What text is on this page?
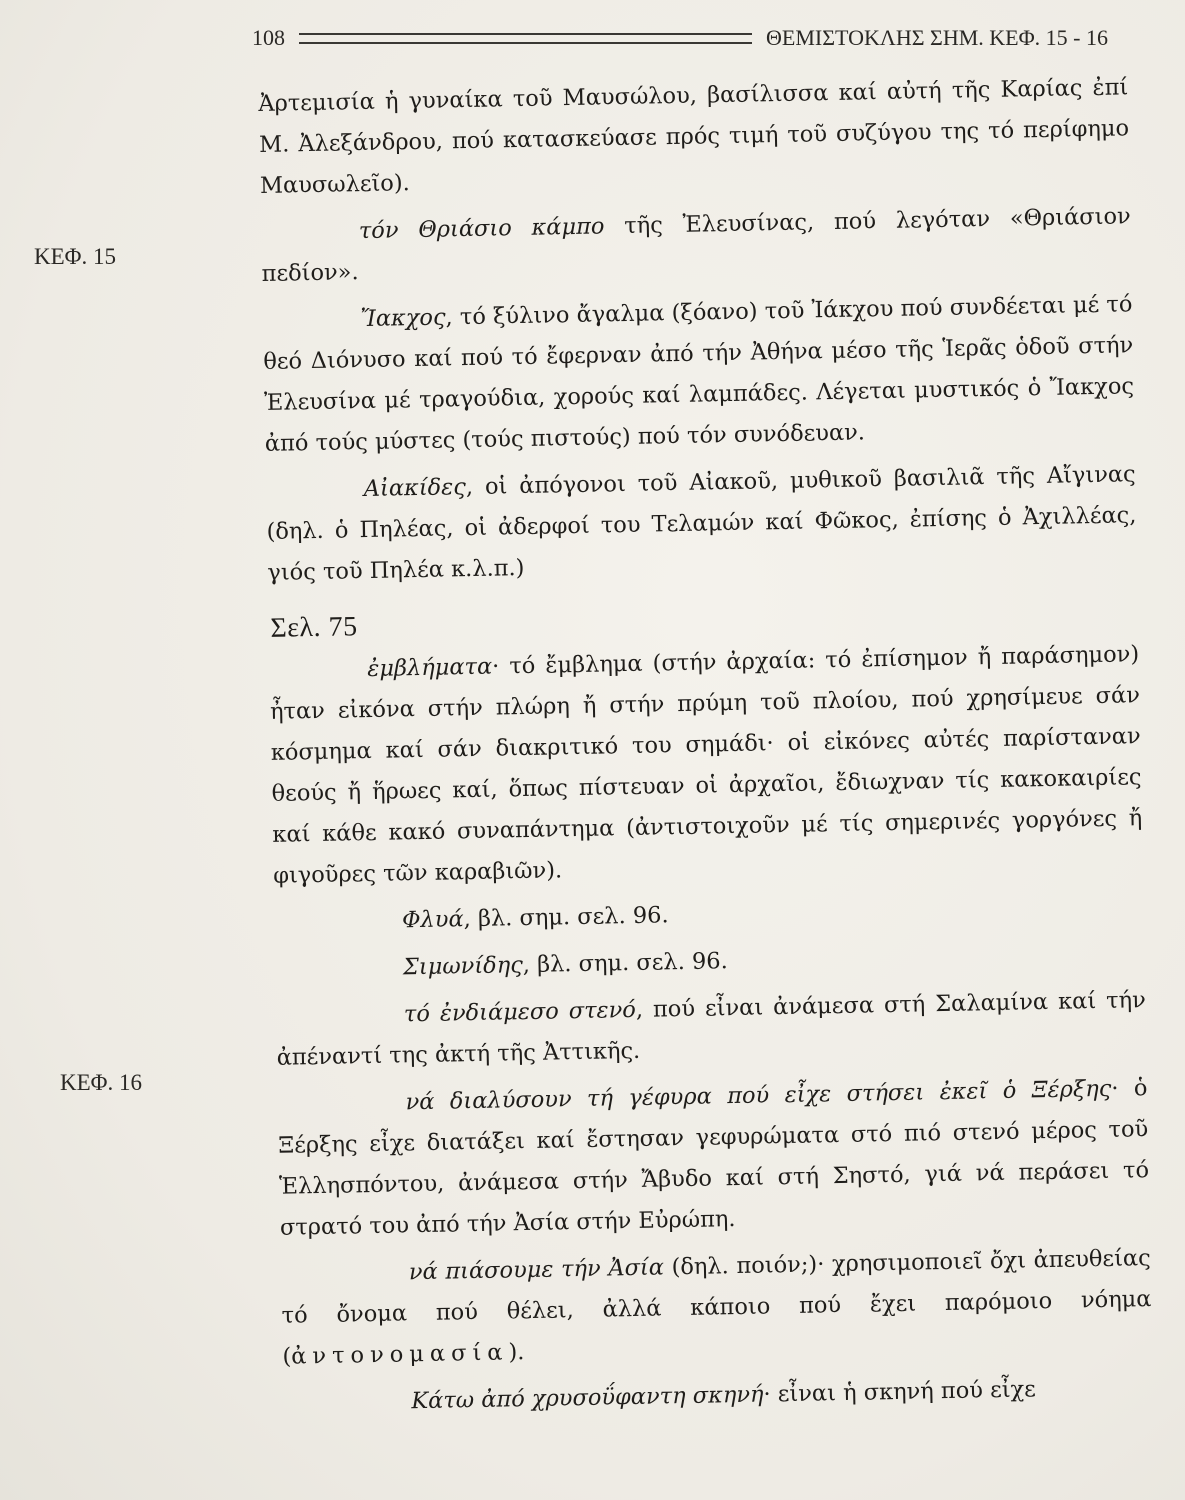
108	ΘΕΜΙΣΤΟΚΛΗΣ ΣΗΜ. ΚΕΦ. 15 - 16
ΚΕΦ. 15
ΚΕΦ. 16

Ἀρτεμισία ἡ γυναίκα τοῦ Μαυσώλου, βασίλισσα καί αὐτή τῆς Καρίας ἐπί Μ. Ἀλεξάνδρου, πού κατασκεύασε πρός τιμή τοῦ συζύγου της τό περίφημο Μαυσωλεῖο).

τόν Θριάσιο κάμπο τῆς Ἐλευσίνας, πού λεγόταν «Θριάσιον πεδίον».

Ἴακχος, τό ξύλινο ἄγαλμα (ξόανο) τοῦ Ἰάκχου πού συνδέεται μέ τό θεό Διόνυσο καί πού τό ἔφερναν ἀπό τήν Ἀθήνα μέσο τῆς Ἱερᾶς ὁδοῦ στήν Ἐλευσίνα μέ τραγούδια, χορούς καί λαμπάδες. Λέγεται μυστικός ὁ Ἴακχος ἀπό τούς μύστες (τούς πιστούς) πού τόν συνόδευαν.

Αἰακίδες, οἱ ἀπόγονοι τοῦ Αἰακοῦ, μυθικοῦ βασιλιᾶ τῆς Αἴγινας (δηλ. ὁ Πηλέας, οἱ ἀδερφοί του Τελαμών καί Φῶκος, ἐπίσης ὁ Ἀχιλλέας, γιός τοῦ Πηλέα κ.λ.π.)

Σελ. 75

ἐμβλήματα· τό ἔμβλημα (στήν ἀρχαία: τό ἐπίσημον ἤ παράσημον) ἦταν εἰκόνα στήν πλώρη ἤ στήν πρύμη τοῦ πλοίου, πού χρησίμευε σάν κόσμημα καί σάν διακριτικό του σημάδι· οἱ εἰκόνες αὐτές παρίσταναν θεούς ἤ ἥρωες καί, ὅπως πίστευαν οἱ ἀρχαῖοι, ἔδιωχναν τίς κακοκαιρίες καί κάθε κακό συναπάντημα (ἀντιστοιχοῦν μέ τίς σημερινές γοργόνες ἤ φιγοῦρες τῶν καραβιῶν).

Φλυά, βλ. σημ. σελ. 96.

Σιμωνίδης, βλ. σημ. σελ. 96.

τό ἐνδιάμεσο στενό, πού εἶναι ἀνάμεσα στή Σαλαμίνα καί τήν ἀπέναντί της ἀκτή τῆς Ἀττικῆς.

νά διαλύσουν τή γέφυρα πού εἶχε στήσει ἐκεῖ ὁ Ξέρξης· ὁ Ξέρξης εἶχε διατάξει καί ἔστησαν γεφυρώματα στό πιό στενό μέρος τοῦ Ἑλλησπόντου, ἀνάμεσα στήν Ἄβυδο καί στή Σηστό, γιά νά περάσει τό στρατό του ἀπό τήν Ἀσία στήν Εὐρώπη.

νά πιάσουμε τήν Ἀσία (δηλ. ποιόν;)· χρησιμοποιεῖ ὄχι ἀπευθείας τό ὄνομα πού θέλει, ἀλλά κάποιο πού ἔχει παρόμοιο νόημα (ἀντονομασία).

Κάτω ἀπό χρυσοΰφαντη σκηνή· εἶναι ἡ σκηνή πού εἶχε
